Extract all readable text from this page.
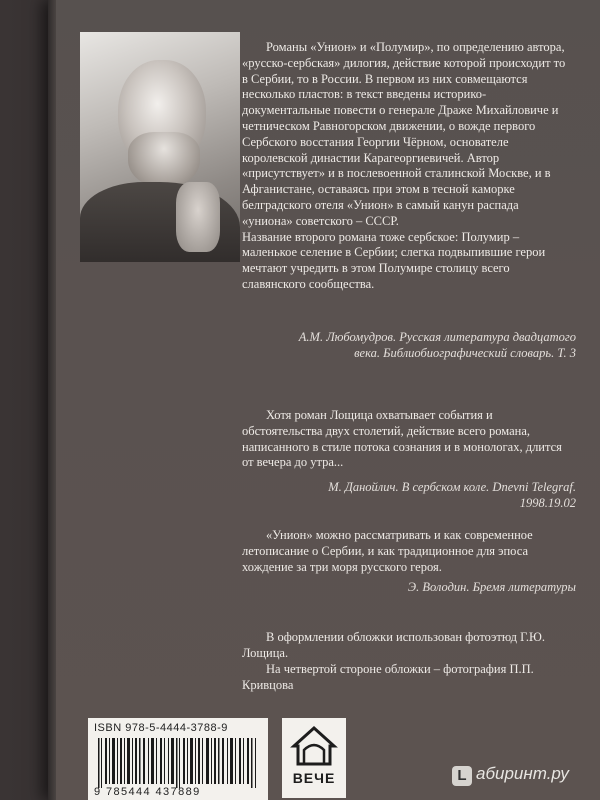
Романы «Унион» и «Полумир», по определению автора, «русско-сербская» дилогия, действие которой происходит то в Сербии, то в России. В первом из них совмещаются несколько пластов: в текст введены историко-документальные повести о генерале Драже Михайловиче и четническом Равногорском движении, о вожде первого Сербского восстания Георгии Чёрном, основателе королевской династии Карагеоргиевичей. Автор «присутствует» и в послевоенной сталинской Москве, и в Афганистане, оставаясь при этом в тесной каморке белградского отеля «Унион» в самый канун распада «униона» советского – СССР.
Название второго романа тоже сербское: Полумир – маленькое селение в Сербии; слегка подвыпившие герои мечтают учредить в этом Полумире столицу всего славянского сообщества.
А.М. Любомудров. Русская литература двадцатого века. Библиобиографический словарь. Т. 3
Хотя роман Лощица охватывает события и обстоятельства двух столетий, действие всего романа, написанного в стиле потока сознания и в монологах, длится от вечера до утра...
М. Данойлич. В сербском коле. Dnevni Telegraf. 1998.19.02
«Унион» можно рассматривать и как современное летописание о Сербии, и как традиционное для эпоса хождение за три моря русского героя.
Э. Володин. Бремя литературы
В оформлении обложки использован фотоэтюд Г.Ю. Лощица.
На четвертой стороне обложки – фотография П.П. Кривцова
ISBN 978-5-4444-3788-9
9 785444 437889
ВЕЧЕ	L абиринт.ру
